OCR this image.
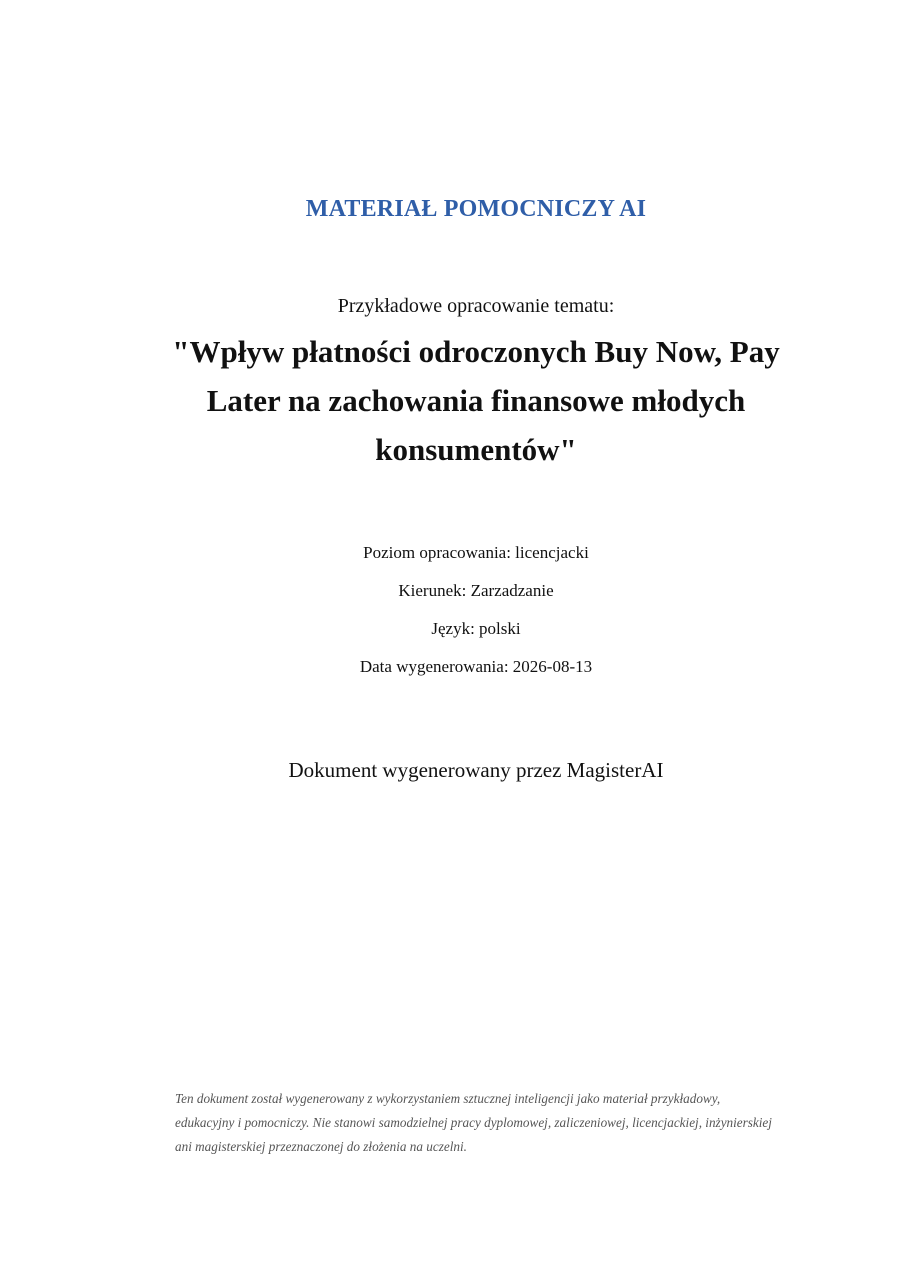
MATERIAŁ POMOCNICZY AI
Przykładowe opracowanie tematu:
"Wpływ płatności odroczonych Buy Now, Pay Later na zachowania finansowe młodych konsumentów"
Poziom opracowania: licencjacki
Kierunek: Zarzadzanie
Język: polski
Data wygenerowania: 2026-08-13
Dokument wygenerowany przez MagisterAI
Ten dokument został wygenerowany z wykorzystaniem sztucznej inteligencji jako materiał przykładowy, edukacyjny i pomocniczy. Nie stanowi samodzielnej pracy dyplomowej, zaliczeniowej, licencjackiej, inżynierskiej ani magisterskiej przeznaczonej do złożenia na uczelni.
